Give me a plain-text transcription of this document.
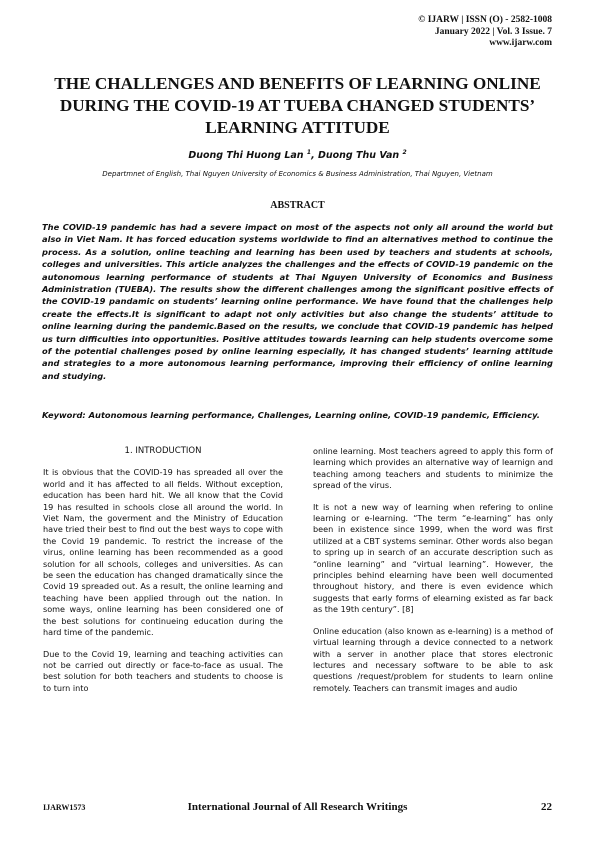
© IJARW | ISSN (O) - 2582-1008
January 2022 | Vol. 3 Issue. 7
www.ijarw.com
THE CHALLENGES AND BENEFITS OF LEARNING ONLINE DURING THE COVID-19 AT TUEBA CHANGED STUDENTS’ LEARNING ATTITUDE
Duong Thi Huong Lan $^1$, Duong Thu Van $^2$
Departmnet of English, Thai Nguyen University of Economics & Business Administration, Thai Nguyen, Vietnam
ABSTRACT

The COVID-19 pandemic has had a severe impact on most of the aspects not only all around the world but also in Viet Nam. It has forced education systems worldwide to find an alternatives method to continue the process. As a solution, online teaching and learning has been used by teachers and students at schools, colleges and universities. This article analyzes the challenges and the effects of COVID-19 pandemic on the autonomous learning performance of students at Thai Nguyen University of Economics and Business Administration (TUEBA). The results show the different challenges among the significant positive effects of the COVID-19 pandamic on students’ learning online performance. We have found that the challenges help create the effects.It is significant to adapt not only activities but also change the students’ attitude to online learning during the pandemic.Based on the results, we conclude that COVID-19 pandemic has helped us turn difficulties into opportunities. Positive attitudes towards learning can help students overcome some of the potential challenges posed by online learning especially, it has changed students’ learning attitude and strategies to a more autonomous learning performance, improving their efficiency of online learning and studying.

Keyword: Autonomous learning performance, Challenges, Learning online, COVID-19 pandemic, Efficiency.

1. INTRODUCTION

It is obvious that the COVID-19 has spreaded all over the world and it has affected to all fields. Without exception, education has been hard hit. We all know that the Covid 19 has resulted in schools close all around the world. In Viet Nam, the goverment and the Ministry of Education have tried their best to find out the best ways to cope with the Covid 19 pandemic. To restrict the increase of the virus, online learning has been recommended as a good solution for all schools, colleges and universities. As can be seen the education has changed dramatically since the Covid 19 spreaded out. As a result, the online learning and teaching have been applied through out the nation. In some ways, online learning has been considered one of the best solutions for continueing education during the hard time of the pandemic.

Due to the Covid 19, learning and teaching activities can not be carried out directly or face-to-face as usual. The best solution for both teachers and students to choose is to turn into

online learning. Most teachers agreed to apply this form of learning which provides an alternative way of learnign and teaching among teachers and students to minimize the spread of the virus.

It is not a new way of learning when refering to online learning or e-learning. “The term “e-learning” has only been in existence since 1999, when the word was first utilized at a CBT systems seminar. Other words also began to spring up in search of an accurate description such as “online learning” and “virtual learning”. However, the principles behind elearning have been well documented throughout history, and there is even evidence which suggests that early forms of elearning existed as far back as the 19th century”. [8]

Online education (also known as e-learning) is a method of virtual learning through a device connected to a network with a server in another place that stores electronic lectures and necessary software to be able to ask questions /request/problem for students to learn online remotely. Teachers can transmit images and audio

IJARW1573	International Journal of All Research Writings	22
